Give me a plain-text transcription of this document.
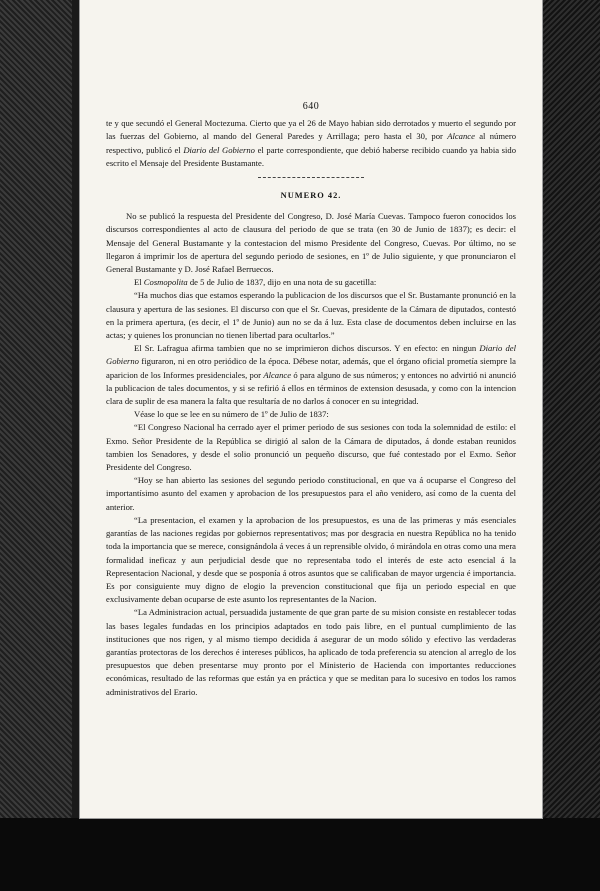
640

te y que secundó el General Moctezuma. Cierto que ya el 26 de Mayo habian sido derrotados y muerto el segundo por las fuerzas del Gobierno, al mando del General Paredes y Arrillaga; pero hasta el 30, por Alcance al número respectivo, publicó el Diario del Gobierno el parte correspondiente, que debió haberse recibido cuando ya habia sido escrito el Mensaje del Presidente Bustamante.

NUMERO 42.

No se publicó la respuesta del Presidente del Congreso, D. José María Cuevas. Tampoco fueron conocidos los discursos correspondientes al acto de clausura del periodo de que se trata (en 30 de Junio de 1837); es decir: el Mensaje del General Bustamante y la contestacion del mismo Presidente del Congreso, Cuevas. Por último, no se llegaron á imprimir los de apertura del segundo periodo de sesiones, en 1º de Julio siguiente, y que pronunciaron el General Bustamante y D. José Rafael Berruecos.

El Cosmopolita de 5 de Julio de 1837, dijo en una nota de su gacetilla:

“Ha muchos dias que estamos esperando la publicacion de los discursos que el Sr. Bustamante pronunció en la clausura y apertura de las sesiones. El discurso con que el Sr. Cuevas, presidente de la Cámara de diputados, contestó en la primera apertura, (es decir, el 1º de Junio) aun no se da á luz. Esta clase de documentos deben incluirse en las actas; y quienes los pronuncian no tienen libertad para ocultarlos.”

El Sr. Lafragua afirma tambien que no se imprimieron dichos discursos. Y en efecto: en ningun Diario del Gobierno figuraron, ni en otro periódico de la época. Débese notar, además, que el órgano oficial prometía siempre la aparicion de los Informes presidenciales, por Alcance ó para alguno de sus números; y entonces no advirtió ni anunció la publicacion de tales documentos, y si se refirió á ellos en términos de extension desusada, y como con la intencion clara de suplir de esa manera la falta que resultaría de no darlos á conocer en su integridad.

Véase lo que se lee en su número de 1º de Julio de 1837:

“El Congreso Nacional ha cerrado ayer el primer periodo de sus sesiones con toda la solemnidad de estilo: el Exmo. Señor Presidente de la República se dirigió al salon de la Cámara de diputados, á donde estaban reunidos tambien los Senadores, y desde el solio pronunció un pequeño discurso, que fué contestado por el Exmo. Señor Presidente del Congreso.

“Hoy se han abierto las sesiones del segundo periodo constitucional, en que va á ocuparse el Congreso del importantísimo asunto del examen y aprobacion de los presupuestos para el año venidero, así como de la cuenta del anterior.

“La presentacion, el examen y la aprobacion de los presupuestos, es una de las primeras y más esenciales garantías de las naciones regidas por gobiernos representativos; mas por desgracia en nuestra República no ha tenido toda la importancia que se merece, consignándola á veces á un reprensible olvido, ó mirándola en otras como una mera formalidad ineficaz y aun perjudicial desde que no representaba todo el interés de este acto esencial á la Representacion Nacional, y desde que se posponía á otros asuntos que se calificaban de mayor urgencia é importancia. Es por consiguiente muy digno de elogio la prevencion constitucional que fija un periodo especial en que exclusivamente deban ocuparse de este asunto los representantes de la Nacion.

“La Administracion actual, persuadida justamente de que gran parte de su mision consiste en restablecer todas las bases legales fundadas en los principios adaptados en todo pais libre, en el puntual cumplimiento de las instituciones que nos rigen, y al mismo tiempo decidida á asegurar de un modo sólido y efectivo las verdaderas garantías protectoras de los derechos é intereses públicos, ha aplicado de toda preferencia su atencion al arreglo de los presupuestos que deben presentarse muy pronto por el Ministerio de Hacienda con importantes reducciones económicas, resultado de las reformas que están ya en práctica y que se meditan para lo sucesivo en todos los ramos administrativos del Erario.
